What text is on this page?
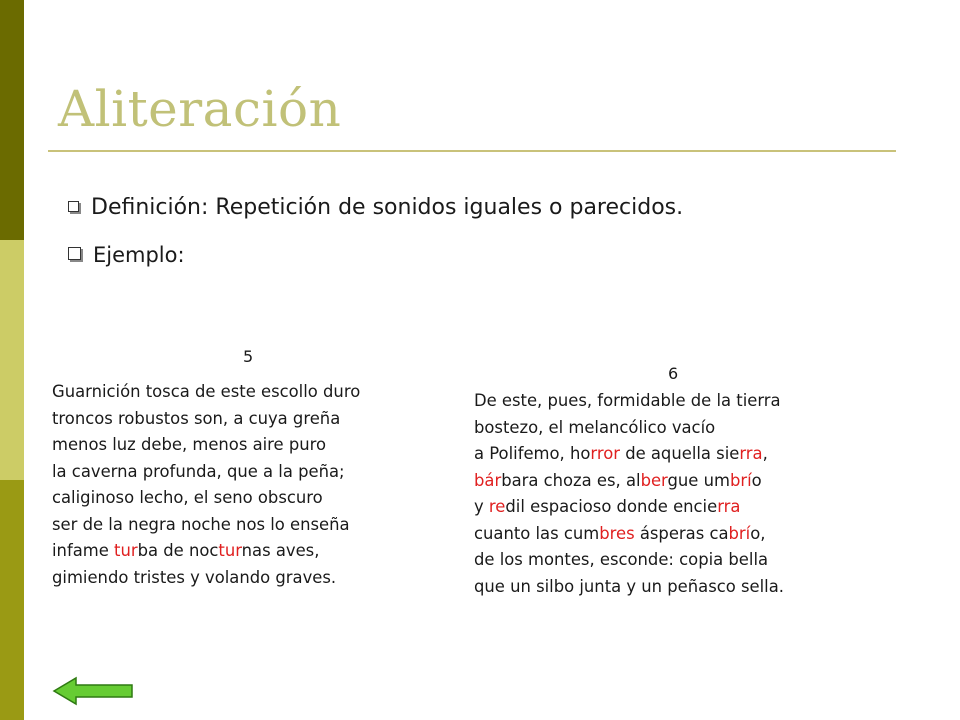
Aliteración
Definición: Repetición de sonidos iguales o parecidos.
Ejemplo:
5
Guarnición tosca de este escollo duro
troncos robustos son, a cuya greña
menos luz debe, menos aire puro
la caverna profunda, que a la peña;
caliginoso lecho, el seno obscuro
ser de la negra noche nos lo enseña
infame turba de nocturnas aves,
gimiendo tristes y volando graves.
6
De este, pues, formidable de la tierra
bostezo, el melancólico vacío
a Polifemo, horror de aquella sierra,
bárbara choza es, albergue umbrío
y redil espacioso donde encierra
cuanto las cumbres ásperas cabrío,
de los montes, esconde: copia bella
que un silbo junta y un peñasco sella.
